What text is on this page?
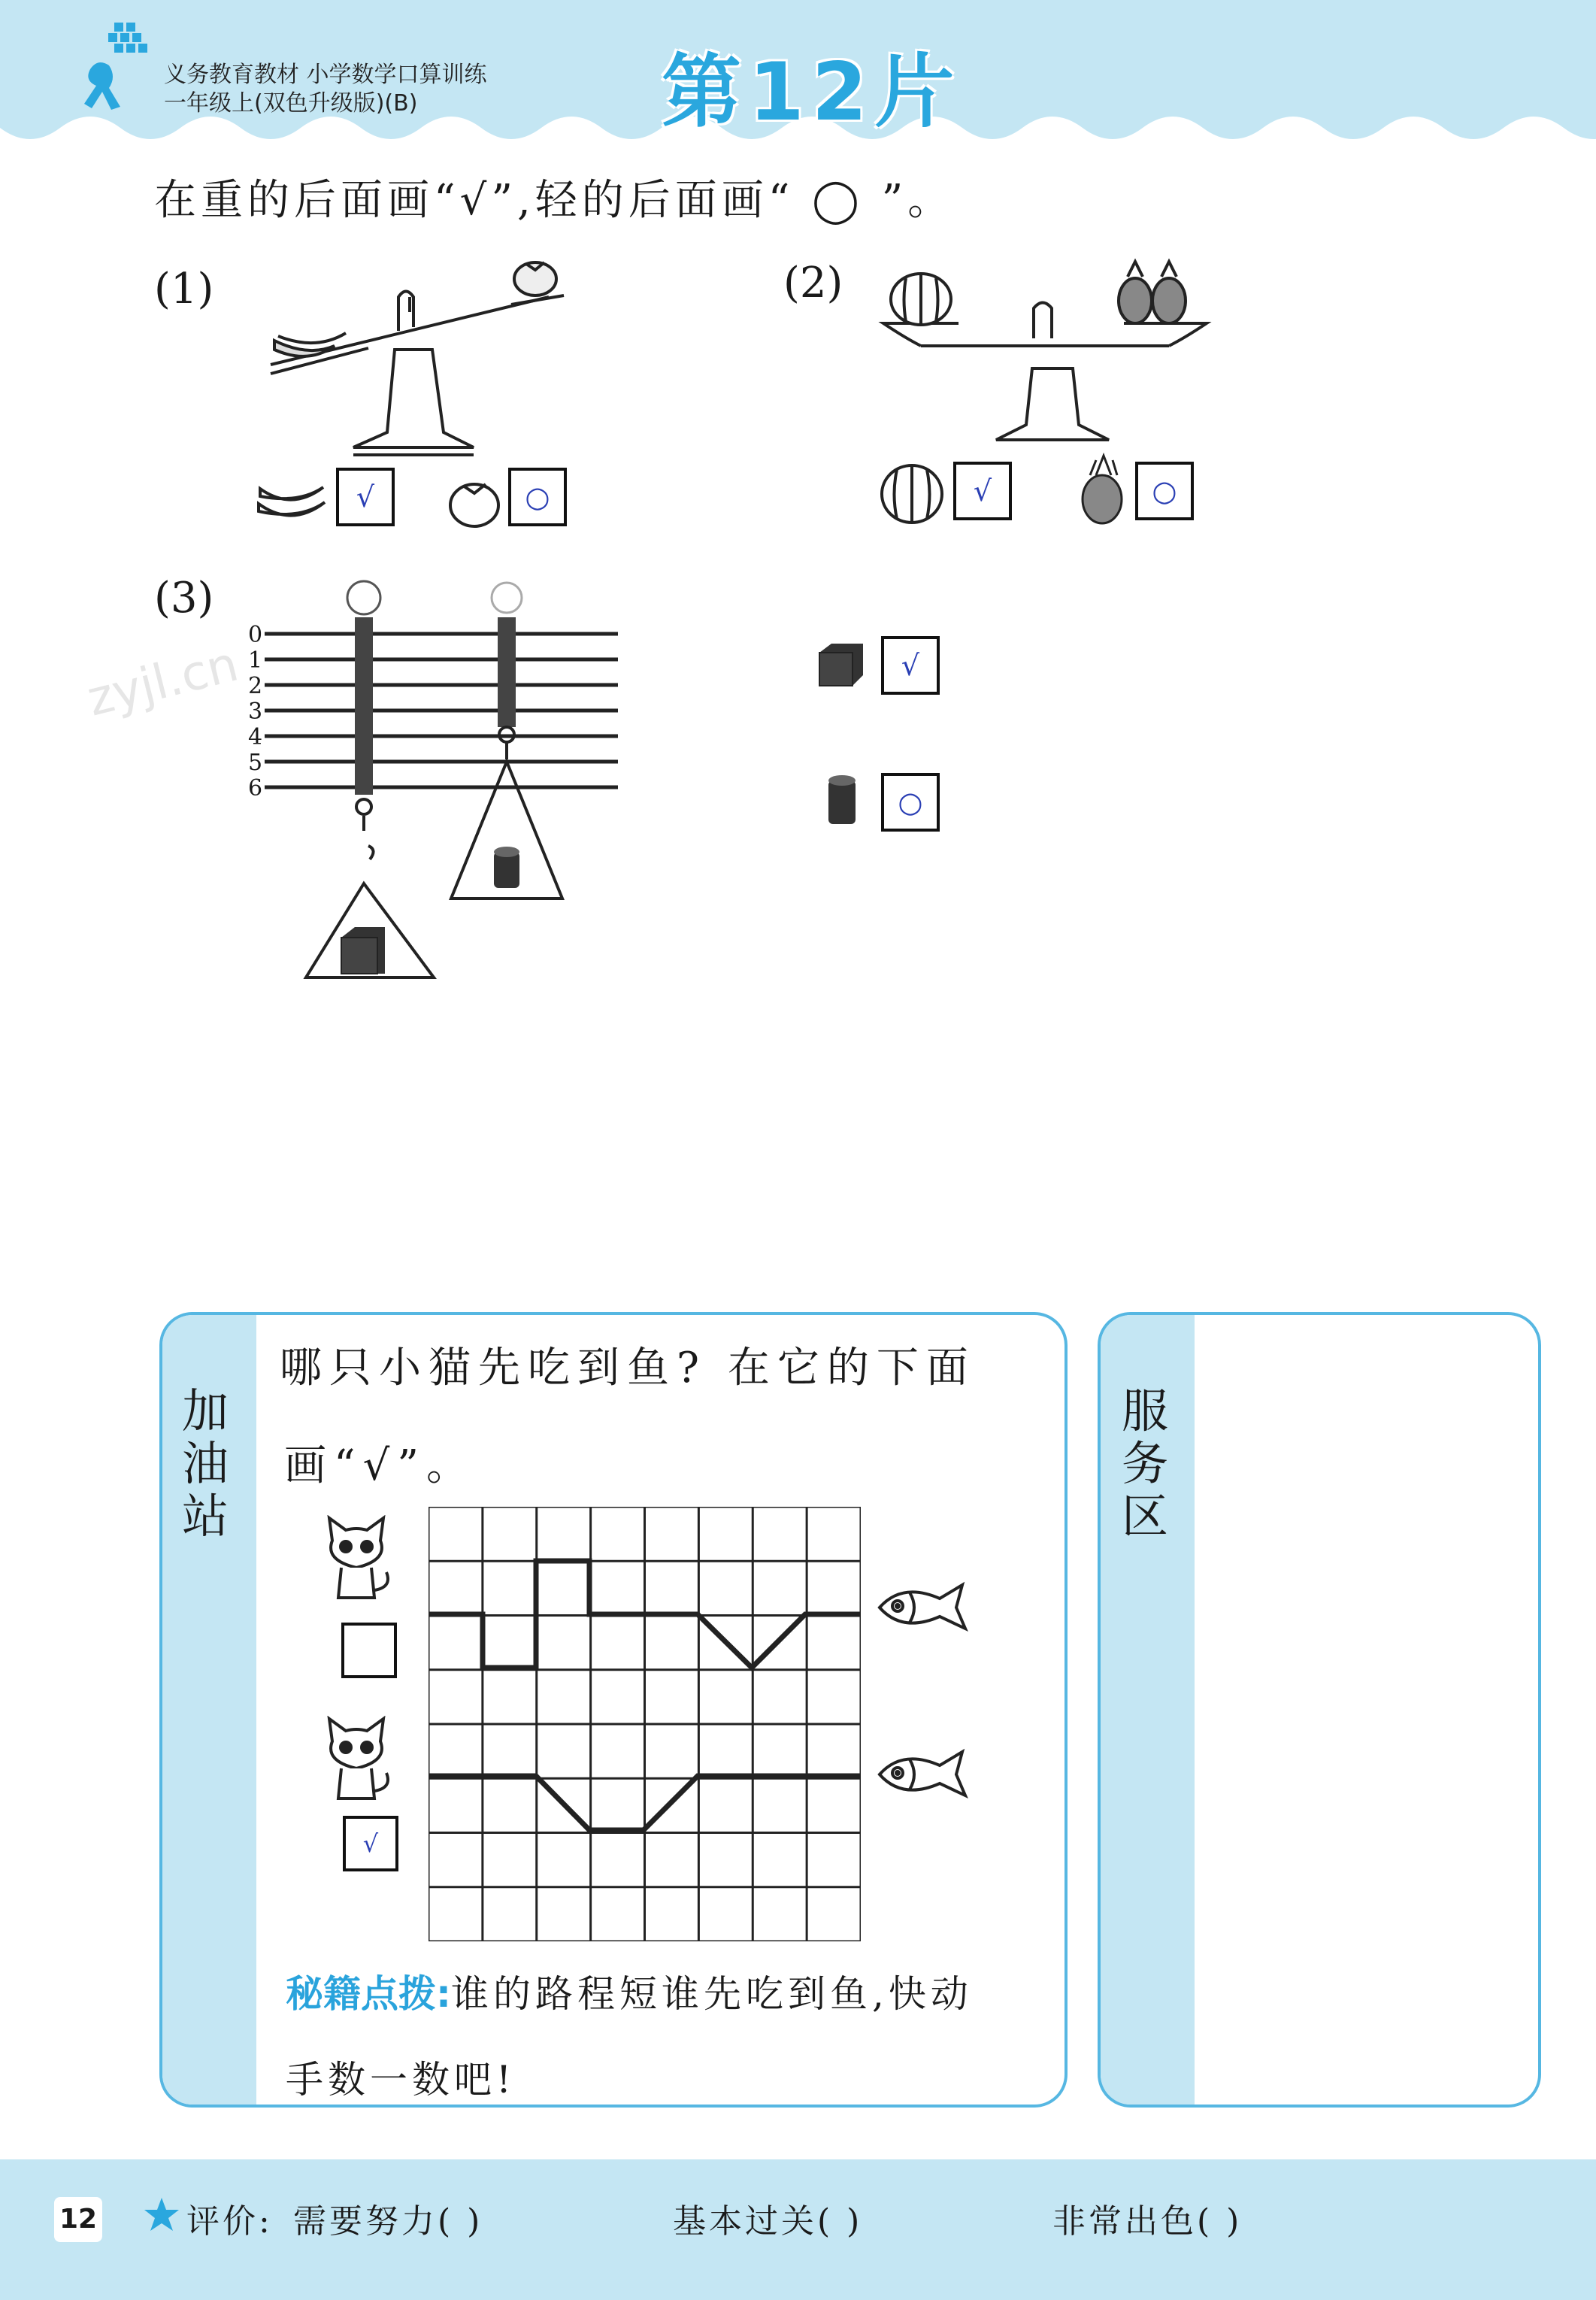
义务教育教材 小学数学口算训练
一年级上(双色升级版)(B)	第12片
在重的后面画“√”,轻的后面画“ ◯ ”。
(1)
√	○
(2)
√	○
(3)
0
1
2
3
4
5
6
√
○
zyjl.cn
加油站
哪只小猫先吃到鱼? 在它的下面
画“√”。
√
秘籍点拨:谁的路程短谁先吃到鱼,快动
手数一数吧!
服务区
12	评价: 需要努力( )	基本过关( )	非常出色( )
